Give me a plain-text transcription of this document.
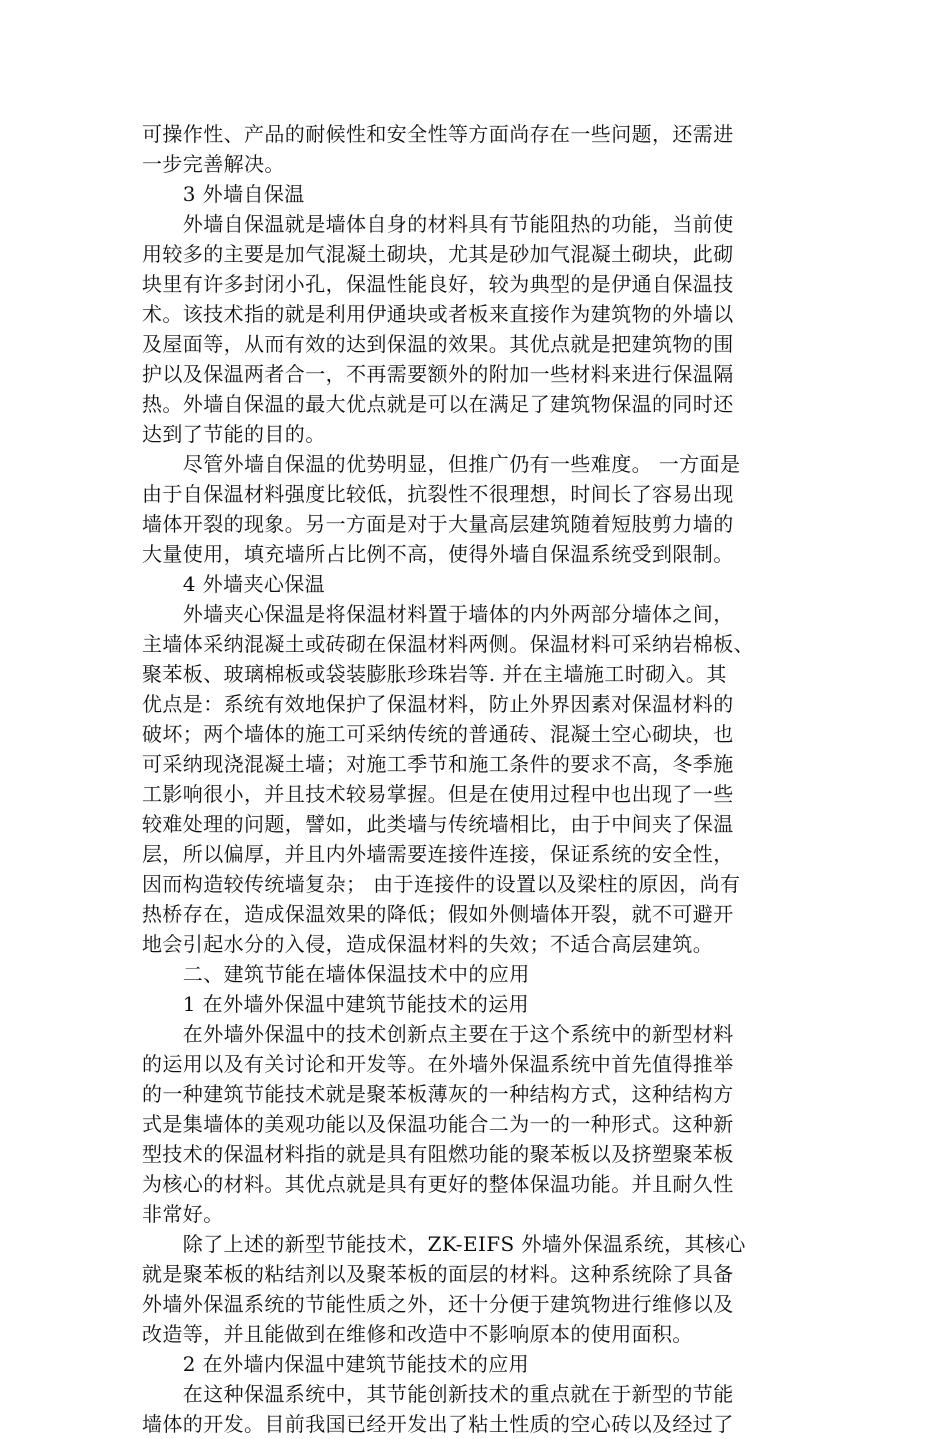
可操作性、产品的耐候性和安全性等方面尚存在一些问题，还需进
一步完善解决。
　　3 外墙自保温
　　外墙自保温就是墙体自身的材料具有节能阻热的功能，当前使
用较多的主要是加气混凝土砌块，尤其是砂加气混凝土砌块，此砌
块里有许多封闭小孔，保温性能良好，较为典型的是伊通自保温技
术。该技术指的就是利用伊通块或者板来直接作为建筑物的外墙以
及屋面等，从而有效的达到保温的效果。其优点就是把建筑物的围
护以及保温两者合一，不再需要额外的附加一些材料来进行保温隔
热。外墙自保温的最大优点就是可以在满足了建筑物保温的同时还
达到了节能的目的。
　　尽管外墙自保温的优势明显，但推广仍有一些难度。 一方面是
由于自保温材料强度比较低，抗裂性不很理想，时间长了容易出现
墙体开裂的现象。另一方面是对于大量高层建筑随着短肢剪力墙的
大量使用，填充墙所占比例不高，使得外墙自保温系统受到限制。
　　4 外墙夹心保温
　　外墙夹心保温是将保温材料置于墙体的内外两部分墙体之间，
主墙体采纳混凝土或砖砌在保温材料两侧。保温材料可采纳岩棉板、
聚苯板、玻璃棉板或袋装膨胀珍珠岩等. 并在主墙施工时砌入。其
优点是：系统有效地保护了保温材料，防止外界因素对保温材料的
破坏；两个墙体的施工可采纳传统的普通砖、混凝土空心砌块，也
可采纳现浇混凝土墙；对施工季节和施工条件的要求不高，冬季施
工影响很小，并且技术较易掌握。但是在使用过程中也出现了一些
较难处理的问题，譬如，此类墙与传统墙相比，由于中间夹了保温
层，所以偏厚，并且内外墙需要连接件连接，保证系统的安全性，
因而构造较传统墙复杂； 由于连接件的设置以及梁柱的原因，尚有
热桥存在，造成保温效果的降低；假如外侧墙体开裂，就不可避开
地会引起水分的入侵，造成保温材料的失效；不适合高层建筑。
　　二、建筑节能在墙体保温技术中的应用
　　1 在外墙外保温中建筑节能技术的运用
　　在外墙外保温中的技术创新点主要在于这个系统中的新型材料
的运用以及有关讨论和开发等。在外墙外保温系统中首先值得推举
的一种建筑节能技术就是聚苯板薄灰的一种结构方式，这种结构方
式是集墙体的美观功能以及保温功能合二为一的一种形式。这种新
型技术的保温材料指的就是具有阻燃功能的聚苯板以及挤塑聚苯板
为核心的材料。其优点就是具有更好的整体保温功能。并且耐久性
非常好。
　　除了上述的新型节能技术，ZK-EIFS 外墙外保温系统，其核心
就是聚苯板的粘结剂以及聚苯板的面层的材料。这种系统除了具备
外墙外保温系统的节能性质之外，还十分便于建筑物进行维修以及
改造等，并且能做到在维修和改造中不影响原本的使用面积。
　　2 在外墙内保温中建筑节能技术的应用
　　在这种保温系统中，其节能创新技术的重点就在于新型的节能
墙体的开发。目前我国已经开发出了粘土性质的空心砖以及经过了
